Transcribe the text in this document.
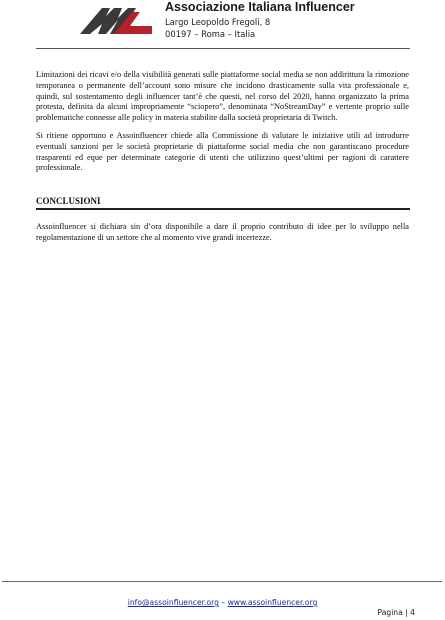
Associazione Italiana Influencer
Largo Leopoldo Fregoli, 8
00197 – Roma – Italia

Limitazioni dei ricavi e/o della visibilità generati sulle piattaforme social media se non addirittura la rimozione temporanea o permanente dell’account sono misure che incidono drasticamente sulla vita professionale e, quindi, sul sostentamento degli influencer tant’è che questi, nel corso del 2020, hanno organizzato la prima protesta, definita da alcuni impropriamente “sciopero”, denominata “NoStreamDay” e vertente proprio sulle problematiche connesse alle policy in materia stabilite dalla società proprietaria di Twitch.

Si ritiene opportuno e Assoinfluencer chiede alla Commissione di valutare le iniziative utili ad introdurre eventuali sanzioni per le società proprietarie di piattaforme social media che non garantiscano procedure trasparenti ed eque per determinate categorie di utenti che utilizzino quest’ultimi per ragioni di carattere professionale.

CONCLUSIONI

Assoinfluencer si dichiara sin d’ora disponibile a dare il proprio contributo di idee per lo sviluppo nella regolamentazione di un settore che al momento vive grandi incertezze.

info@assoinfluencer.org – www.assoinfluencer.org
Pagina | 4
